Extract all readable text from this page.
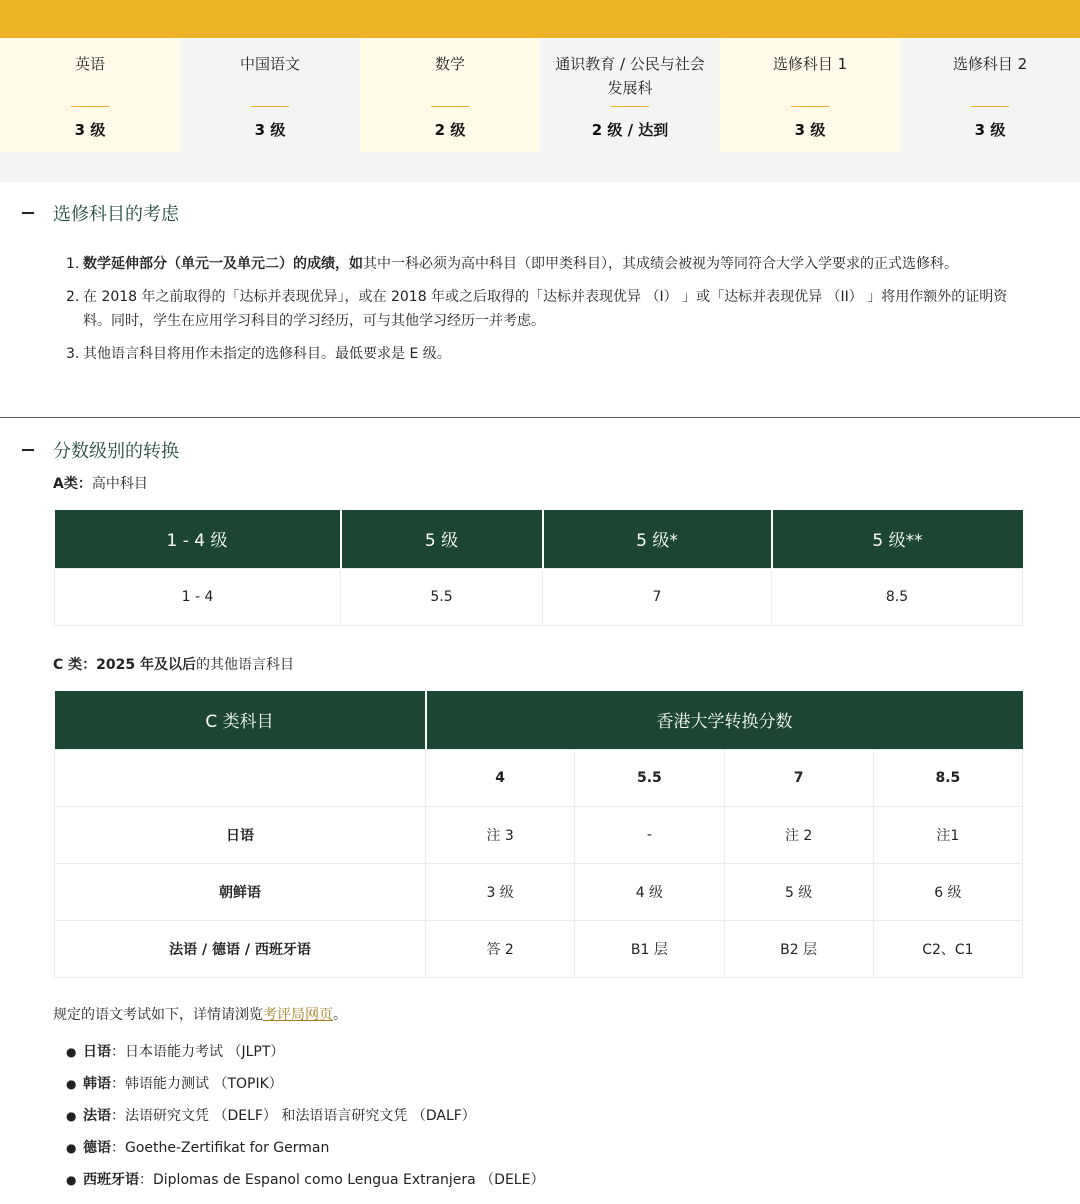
英语
3 级
中国语文
3 级
数学
2 级
通识教育 / 公民与社会发展科
2 级 / 达到
选修科目 1
3 级
选修科目 2
3 级
选修科目的考虑
1. 数学延伸部分（单元一及单元二）的成绩，如其中一科必须为高中科目（即甲类科目），其成绩会被视为等同符合大学入学要求的正式选修科。
2. 在 2018 年之前取得的「达标并表现优异」，或在 2018 年或之后取得的「达标并表现优异 （I） 」或「达标并表现优异 （II） 」将用作额外的证明资料。同时，学生在应用学习科目的学习经历，可与其他学习经历一并考虑。
3. 其他语言科目将用作未指定的选修科目。最低要求是 E 级。
分数级别的转换
A类：高中科目
1 - 4 级	5 级	5 级*	5 级**
1 - 4	5.5	7	8.5
C 类：2025 年及以后的其他语言科目
C 类科目	香港大学转换分数			
	4	5.5	7	8.5
日语	注 3	-	注 2	注1
朝鲜语	3 级	4 级	5 级	6 级
法语 / 德语 / 西班牙语	答 2	B1 层	B2 层	C2、C1
规定的语文考试如下，详情请浏览考评局网页。
● 日语：日本语能力考试 （JLPT）
● 韩语：韩语能力测试 （TOPIK）
● 法语：法语研究文凭 （DELF） 和法语语言研究文凭 （DALF）
● 德语：Goethe-Zertifikat for German
● 西班牙语：Diplomas de Espanol como Lengua Extranjera （DELE）
